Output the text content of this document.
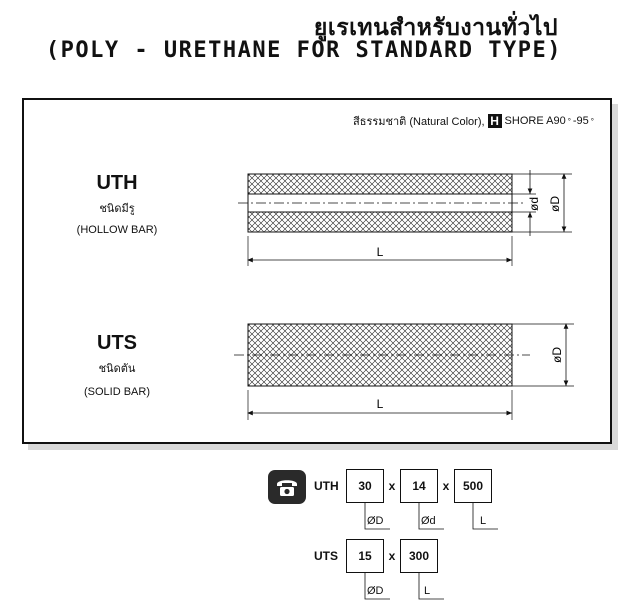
ยูเรเทนสำหรับงานทั่วไป
(POLY - URETHANE FOR STANDARD TYPE)
สีธรรมชาติ (Natural Color), H SHORE A90 ° -95 °
UTH
ชนิดมีรู
(HOLLOW BAR)
UTS
ชนิดตัน
(SOLID BAR)
ød øD
L
øD
L
UTH	30	x	14	x	500
ØD	Ød	L
UTS	15	x	300
ØD	L
